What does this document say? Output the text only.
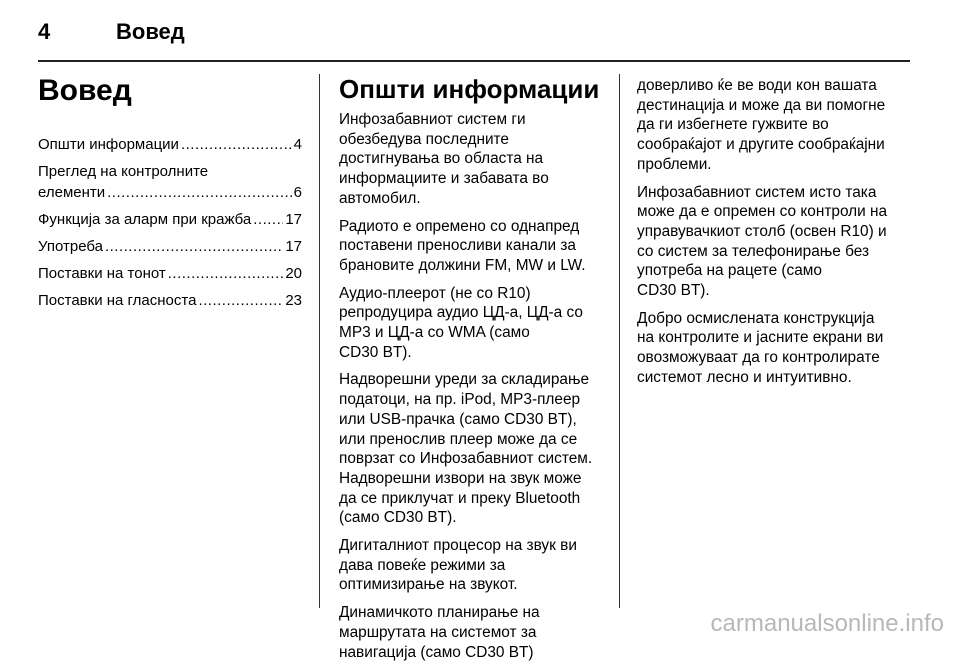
4	Вовед
Вовед
Општи информации .....	4
Преглед на контролните
елементи .....	6
Функција за аларм при кражба ..... 17
Употреба .....	17
Поставки на тонот .....	20
Поставки на гласноста .....	23
Општи информации

Инфозабавниот систем ги
обезбедува последните
достигнувања во областа на
информациите и забавата во
автомобил.

Радиото е опремено со однапред
поставени преносливи канали за
брановите должини FM, MW и LW.

Аудио-плеерот (не со R10)
репродуцира аудио ЦД-а, ЦД-а со
MP3 и ЦД-а со WMA (само
CD30 BT).

Надворешни уреди за складирање
податоци, на пр. iPod, MP3-плеер
или USB-прачка (само CD30 BT),
или пренослив плеер може да се
поврзат со Инфозабавниот систем.
Надворешни извори на звук може
да се приклучат и преку Bluetooth
(само CD30 BT).

Дигиталниот процесор на звук ви
дава повеќе режими за
оптимизирање на звукот.

Динамичкото планирање на
маршрутата на системот за
навигација (само CD30 BT)

доверливо ќе ве води кон вашата
дестинација и може да ви помогне
да ги избегнете гужвите во
сообраќајот и другите сообраќајни
проблеми.

Инфозабавниот систем исто така
може да е опремен со контроли на
управувачкиот столб (освен R10) и
со систем за телефонирање без
употреба на рацете (само
CD30 BT).

Добро осмислената конструкција
на контролите и јасните екрани ви
овозможуваат да го контролирате
системот лесно и интуитивно.

carmanualsonline.info
